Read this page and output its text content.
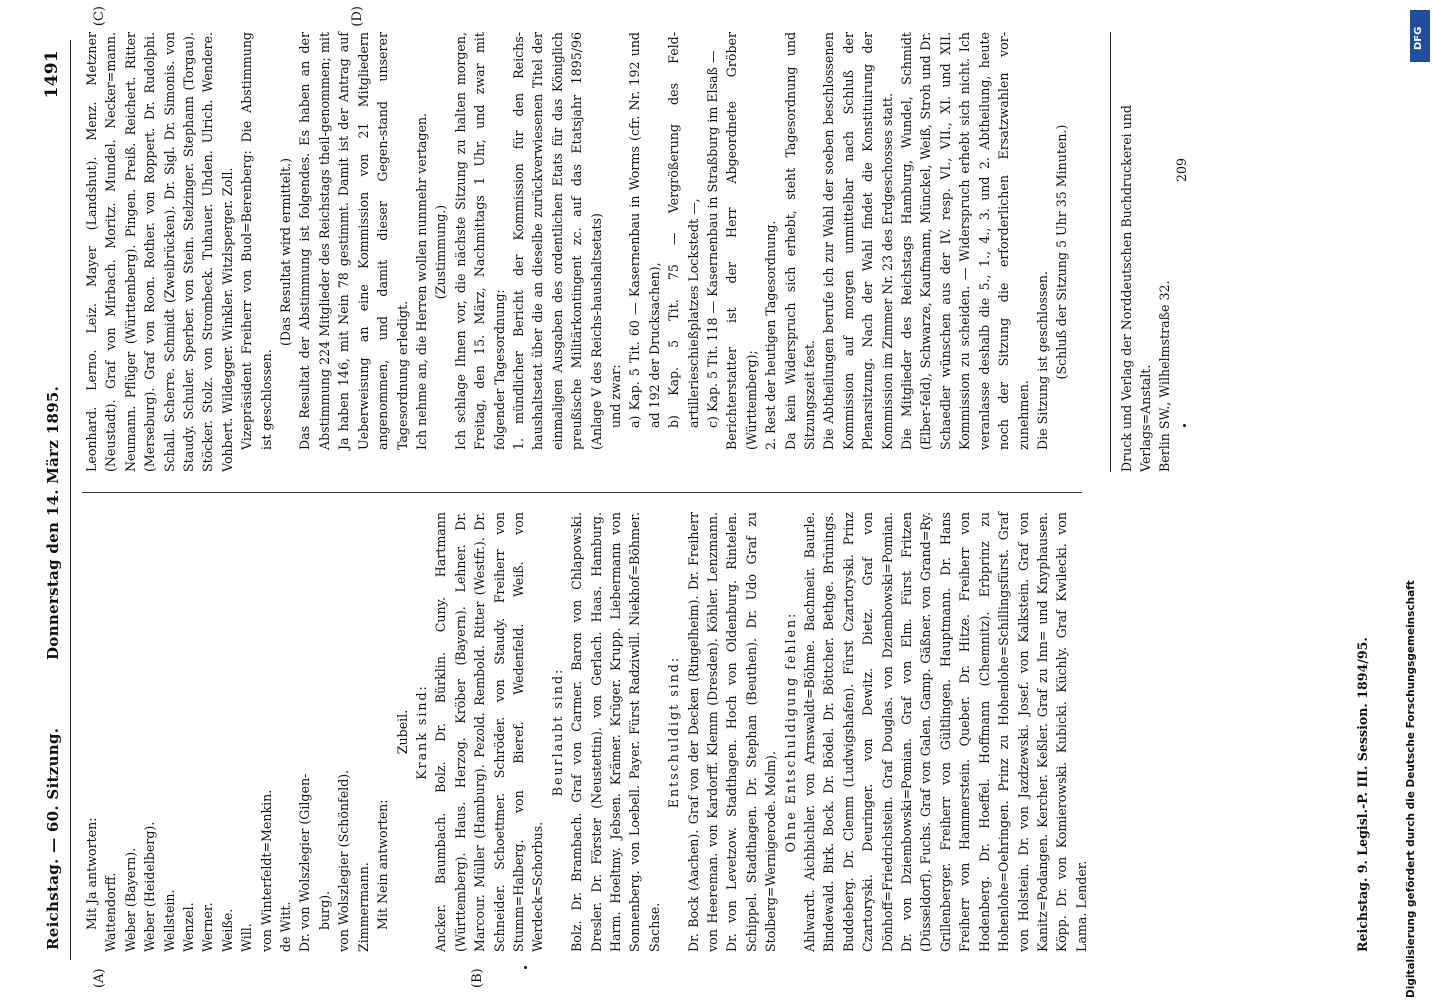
Reichstag. — 60. Sitzung.
Donnerstag den 14. März 1895.
1491
(A)	(B)
(C)	(D)

Mit Ja antworten: Wattendorff. Weber (Bayern). Weber (Heidelberg). Wellstein. Wenzel. Werner. Weiße. Will. von Winterfeldt=Menkin. de Witt. Dr. von Wolszlegier (Gilgen- burg). von Wolszlegier (Schönfeld). Zimmermann. Mit Nein antworten:

Zubeil. Krank sind: Ancker. Baumbach. Bolz. Dr. Bürklin. Cuny. Hartmann (Württemberg). Haus. Herzog. Kröber (Bayern). Lehner. Dr. Marcour. Müller (Hamburg). Pezold. Rembold. Ritter (Westfr.). Dr. Schneider. Schoettmer. Schröder. von Staudy. Freiherr von Stumm=Halberg. von Bieref. Wedenfeld. Weiß. von Werdeck=Schorbus.

Beurlaubt sind: Bolz. Dr. Brambach. Graf von Carmer. Baron von Chlapowski. Dresler. Dr. Förster (Neustettin). von Gerlach. Haas. Hamburg. Harm. Hoeltmy. Jebsen. Krämer. Krüger. Krupp. Liebermann von Sonnenberg. von Loebell. Payer. Fürst Radziwill. Niekhof=Böhmer. Sachse.

Entschuldigt sind: Dr. Bock (Aachen). Graf von der Decken (Ringelheim). Dr. Freiherr von Heereman. von Kardorff. Klemm (Dresden). Köhler. Lenzmann. Dr. von Levetzow. Stadthagen. Hoch von Oldenburg. Rintelen. Schippel. Stadthagen. Dr. Stephan (Beuthen). Dr. Udo Graf zu Stolberg=Wernigerode. Molm). Ohne Entschuldigung fehlen: Ahlwardt. Aichbichler. von Arnswaldt=Böhme. Bachmeir. Baurle. Bindewald. Birk. Bock. Dr. Bödel. Dr. Böttcher. Bethge. Brünings. Buddeberg. Dr. Clemm (Ludwigshafen). Fürst Czartoryski. Prinz Czartoryski. Deuringer. von Dewitz. Dietz. Graf von Dönhoff=Friedrichstein. Graf Douglas. von Dziembowski=Pomian. Dr. von Dziembowski=Pomian. Graf von Elm. Fürst Fritzen (Düsseldorf). Fuchs. Graf von Galen. Gamp. Gäßner. von Grand=Ry. Grillenberger. Freiherr von Gültlingen. Hauptmann. Dr. Hans Freiherr von Hammerstein. Queber. Dr. Hitze. Freiherr von Hodenberg. Dr. Hoeffel. Hoffmann (Chemnitz). Erbprinz zu Hohenlohe=Oehringen. Prinz zu Hohenlohe=Schillingsfürst. Graf von Holstein. Dr. von Jazdzewski. Josef. von Kalkstein. Graf von Kanitz=Podangen. Kercher. Keßler. Graf zu Inn= und Knyphausen. Köpp. Dr. von Komierowski. Kubicki. Küchly. Graf Kwilecki. von Lama. Lender.

Leonhard. Lerno. Leiz. Mayer (Landshut). Menz. Metzner (Neustadt). Graf von Mirbach. Moritz. Mundel. Necker=mann. Neumann. Pflüger (Württemberg). Pingen. Preiß. Reichert. Ritter (Merseburg). Graf von Roon. Rother. von Roppert. Dr. Rudolphi. Schall. Scherre. Schmidt (Zweibrücken). Dr. Sigl. Dr. Simonis. von Staudy. Schuler. Sperber. von Stein. Stelzinger. Stephann (Torgau). Stöcker. Stolz. von Strombeck. Tuhauer. Uhden. Ulrich. Wendere. Vohbert. Wildegger. Winkler. Witzlsperger. Zoll. Vizepräsident Freiherr von Buol=Berenberg: Die Abstimmung ist geschlossen.

(Das Resultat wird ermittelt.) Das Resultat der Abstimmung ist folgendes. Es haben an der Abstimmung 224 Mitglieder des Reichstags theil-genommen; mit Ja haben 146, mit Nein 78 gestimmt. Damit ist der Antrag auf Ueberweisung an eine Kommission von 21 Mitgliedern angenommen, und damit dieser Gegen-stand unserer Tagesordnung erledigt. Ich nehme an, die Herren wollen nunmehr vertagen. (Zustimmung.) Ich schlage Ihnen vor, die nächste Sitzung zu halten morgen, Freitag, den 15. März, Nachmittags 1 Uhr, und zwar mit folgender Tagesordnung: 1. mündlicher Bericht der Kommission für den Reichs-haushaltsetat über die an dieselbe zurückverwiesenen Titel der einmaligen Ausgaben des ordentlichen Etats für das Königlich preußische Militärkontingent zc. auf das Etatsjahr 1895/96 (Anlage V des Reichs-haushaltsetats) und zwar: a) Kap. 5 Tit. 60 — Kasernenbau in Worms (cfr. Nr. 192 und ad 192 der Drucksachen), b) Kap. 5 Tit. 75 — Vergrößerung des Feld-artillerieschießplatzes Lockstedt —, c) Kap. 5 Tit. 118 — Kasernenbau in Straßburg im Elsaß — Berichterstatter ist der Herr Abgeordnete Gröber (Württemberg); 2. Rest der heutigen Tagesordnung. Da kein Widerspruch sich erhebt, steht Tagesordnung und Sitzungszeit fest. Die Abtheilungen berufe ich zur Wahl der soeben beschlossenen Kommission auf morgen unmittelbar nach Schluß der Plenarsitzung. Nach der Wahl findet die Konstituirung der Kommission im Zimmer Nr. 23 des Erdgeschosses statt. Die Mitglieder des Reichstags Hamburg, Wundel, Schmidt (Elber-feld), Schwarze, Kaufmann, Münckel, Weiß, Stroh und Dr. Schaedler wünschen aus der IV. resp. VI., VII., XI. und XII. Kommission zu scheiden. — Widerspruch erhebt sich nicht. Ich veranlasse deshalb die 5., 1., 4., 3. und 2. Abtheilung, heute noch der Sitzung die erforderlichen Ersatzwahlen vor-zunehmen. Die Sitzung ist geschlossen. (Schluß der Sitzung 5 Uhr 35 Minuten.)

Reichstag. 9. Legisl.-P. III. Session. 1894/95.
Druck und Verlag der Norddeutschen Buchdruckerei und Verlags=Anstalt. Berlin SW., Wilhelmstraße 32.
209
Digitalisierung gefördert durch die Deutsche Forschungsgemeinschaft
DFG
